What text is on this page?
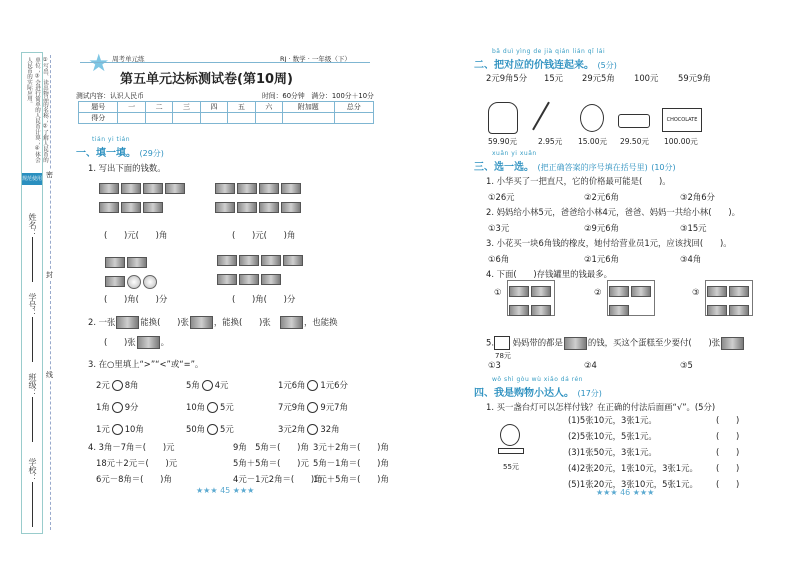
①写出、读出物品的名称；②了解人民币的单位；③会进行简单的人民币计算；④体会人民币的实际应用。
规范使用
姓名：
学号：
班级：
学校：
密
封
线
★ 周考单元练	RJ · 数学 · 一年级（下）
第五单元达标测试卷(第10周)
测试内容：认识人民币	时间：60分钟　满分：100分＋10分
题号	一	二	三	四	五	六	附加题	总分
得分								
tián yi tián
一、填一填。 (29分)
1. 写出下面的钱数。

(　　)元(　　)角	(　　)元(　　)角

(　　)角(　　)分	(　　)角(　　)分
2. 一张	能换(　　)张	，能换(　　)张　	，也能换
(　　)张	。
3. 在○里填上“>”“<”或“=”。
2元 8角	5角 4元	1元6角 1元6分
1角 9分	10角 5元	7元9角 9元7角
1元 10角	50角 5元	3元2角 32角
4. 3角－7角＝(　　)元	9角　5角＝(　　)角 3元＋2角＝(　　)角
18元＋2元＝(　　)元	5角＋5角＝(　　)元 5角－1角＝(　　)角
6元－8角＝(　　)角	4元－1元2角＝(　　)角1元＋5角＝(　　)角
★★★ 45 ★★★
bǎ duì yìng de jià qián lián qǐ lái
二、把对应的价钱连起来。 (5分)
2元9角5分 15元 29元5角 100元 59元9角
CHOCOLATE
59.90元	2.95元 15.00元 29.50元 100.00元
xuǎn yi xuǎn
三、选一选。 (把正确答案的序号填在括号里) (10分)
1. 小华买了一把直尺，它的价格最可能是(　　)。
①26元	②2元6角	③2角6分
2. 妈妈给小林5元，爸爸给小林4元，爸爸、妈妈一共给小林(　　)。
①3元	②9元6角	③15元
3. 小花买一块6角钱的橡皮，她付给营业员1元，应该找回(　　)。
①6角	②1元6角	③4角
4. 下面(　　)存钱罐里的钱最多。
①	②	③

5. 妈妈带的都是	的钱，买这个蛋糕至少要付(　　)张
78元
①3	②4	③5
wǒ shì gòu wù xiǎo dá rén
四、我是购物小达人。 (17分)
1. 买一盏台灯可以怎样付钱？在正确的付法后面画“√”。(5分)
55元
(1)5张10元，3张1元。
(2)5张10元，5张1元。
(3)1张50元，3张1元。
(4)2张20元，1张10元，3张1元。
(5)1张20元，3张10元，5张1元。
(　　)
(　　)
(　　)
(　　)
(　　)
★★★ 46 ★★★
